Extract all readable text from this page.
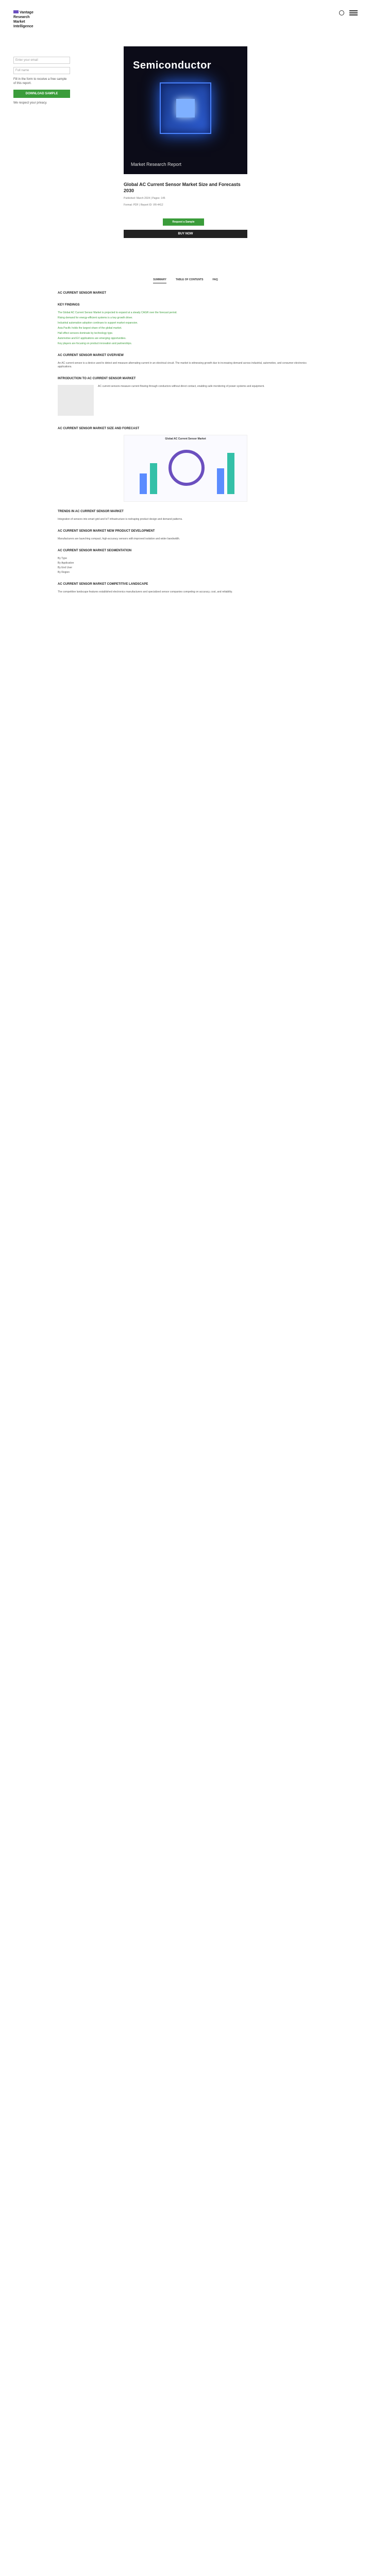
Vantage Research
Market Intelligence
Enter your email
Full name
Fill in the form to receive a free sample of this report.
DOWNLOAD SAMPLE
We respect your privacy.
Semiconductor
Market Research Report
Global AC Current Sensor Market Size and Forecasts 2030
Published: March 2024 | Pages: 145
Format: PDF | Report ID: VR-4412
Request a Sample
BUY NOW
SUMMARY	TABLE OF CONTENTS	FAQ
AC CURRENT SENSOR MARKET
KEY FINDINGS
The Global AC Current Sensor Market is projected to expand at a steady CAGR over the forecast period.
Rising demand for energy-efficient systems is a key growth driver.
Industrial automation adoption continues to support market expansion.
Asia Pacific holds the largest share of the global market.
Hall effect sensors dominate by technology type.
Automotive and EV applications are emerging opportunities.
Key players are focusing on product innovation and partnerships.
AC CURRENT SENSOR MARKET OVERVIEW
An AC current sensor is a device used to detect and measure alternating current in an electrical circuit. The market is witnessing growth due to increasing demand across industrial, automotive, and consumer electronics applications.
INTRODUCTION TO AC CURRENT SENSOR MARKET
AC current sensors measure current flowing through conductors without direct contact, enabling safe monitoring of power systems and equipment.
AC CURRENT SENSOR MARKET SIZE AND FORECAST
Global AC Current Sensor Market
TRENDS IN AC CURRENT SENSOR MARKET
Integration of sensors into smart grid and IoT infrastructure is reshaping product design and demand patterns.
AC CURRENT SENSOR MARKET NEW PRODUCT DEVELOPMENT
Manufacturers are launching compact, high-accuracy sensors with improved isolation and wider bandwidth.
AC CURRENT SENSOR MARKET SEGMENTATION
By Type
By Application
By End User
By Region
AC CURRENT SENSOR MARKET COMPETITIVE LANDSCAPE
The competitive landscape features established electronics manufacturers and specialized sensor companies competing on accuracy, cost, and reliability.
